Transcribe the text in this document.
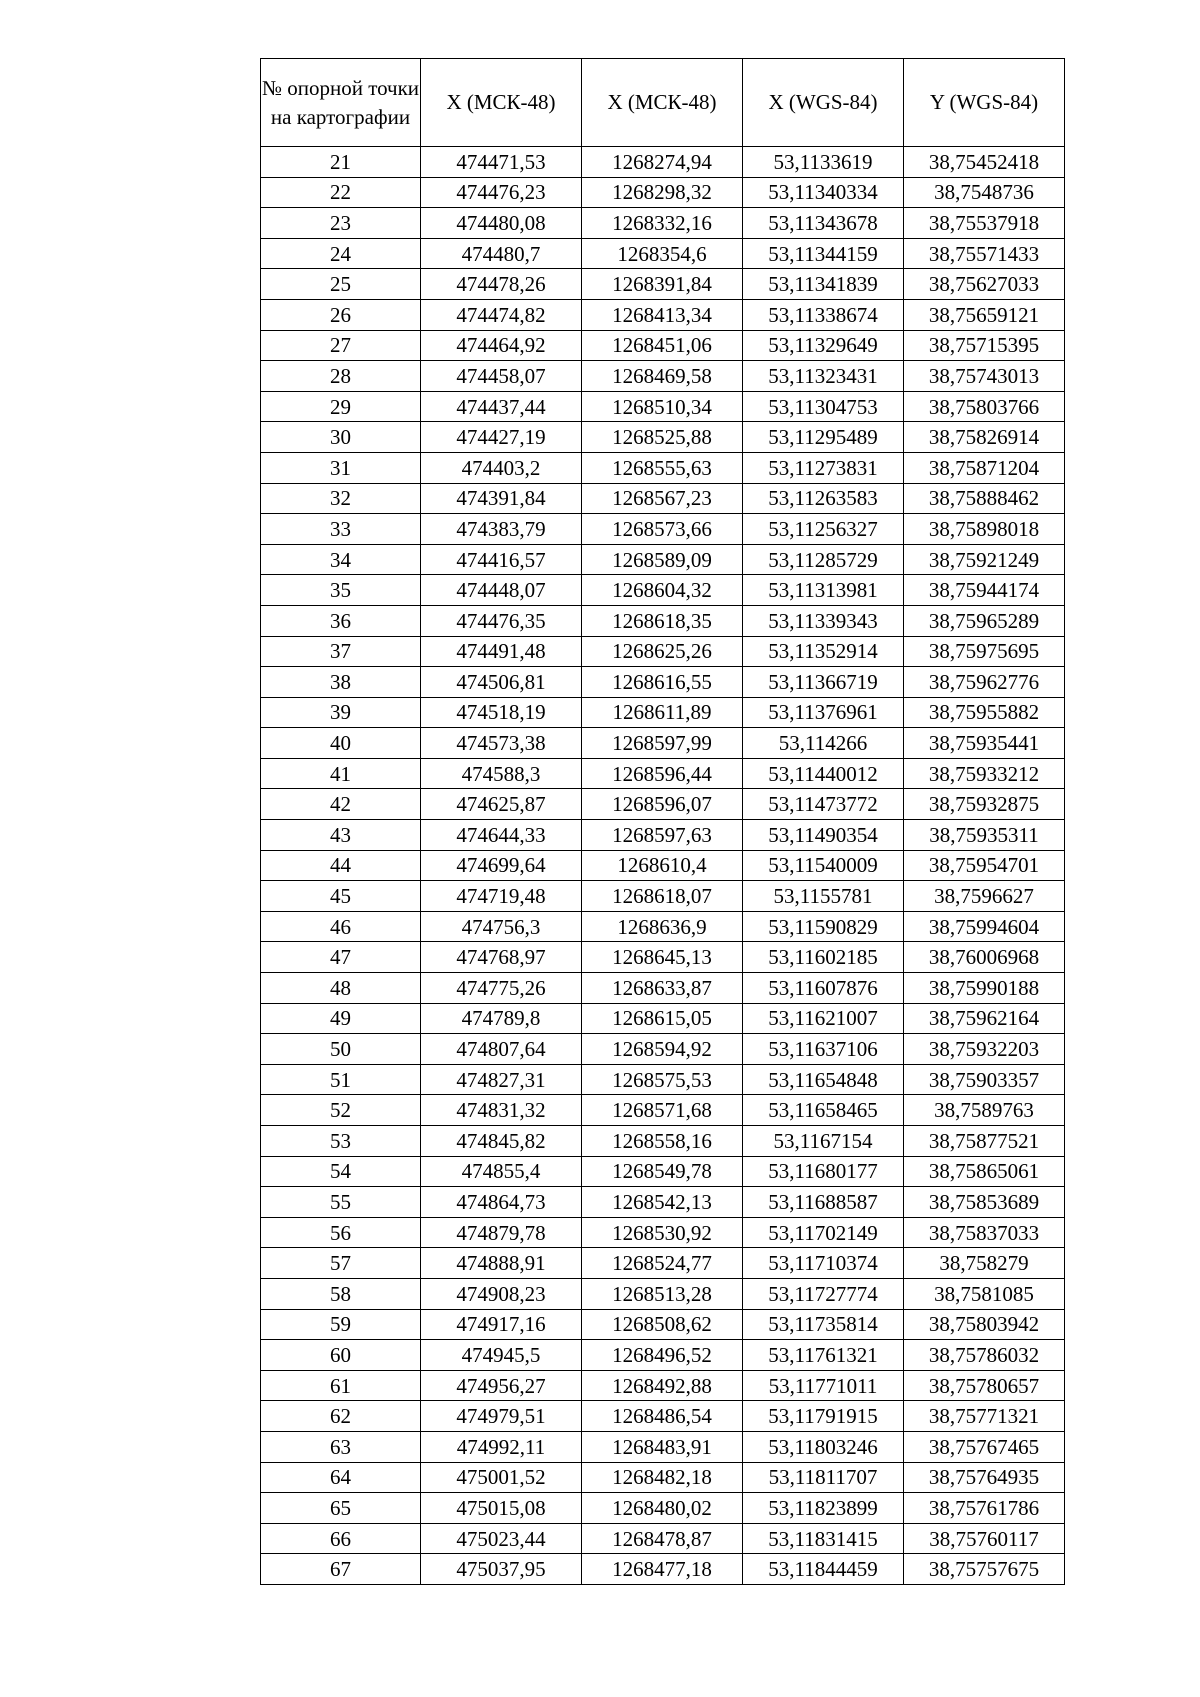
№ опорной точки на картографии	X (МСК-48)	X (МСК-48)	X (WGS-84)	Y (WGS-84)
21	474471,53	1268274,94	53,1133619	38,75452418
22	474476,23	1268298,32	53,11340334	38,7548736
23	474480,08	1268332,16	53,11343678	38,75537918
24	474480,7	1268354,6	53,11344159	38,75571433
25	474478,26	1268391,84	53,11341839	38,75627033
26	474474,82	1268413,34	53,11338674	38,75659121
27	474464,92	1268451,06	53,11329649	38,75715395
28	474458,07	1268469,58	53,11323431	38,75743013
29	474437,44	1268510,34	53,11304753	38,75803766
30	474427,19	1268525,88	53,11295489	38,75826914
31	474403,2	1268555,63	53,11273831	38,75871204
32	474391,84	1268567,23	53,11263583	38,75888462
33	474383,79	1268573,66	53,11256327	38,75898018
34	474416,57	1268589,09	53,11285729	38,75921249
35	474448,07	1268604,32	53,11313981	38,75944174
36	474476,35	1268618,35	53,11339343	38,75965289
37	474491,48	1268625,26	53,11352914	38,75975695
38	474506,81	1268616,55	53,11366719	38,75962776
39	474518,19	1268611,89	53,11376961	38,75955882
40	474573,38	1268597,99	53,114266	38,75935441
41	474588,3	1268596,44	53,11440012	38,75933212
42	474625,87	1268596,07	53,11473772	38,75932875
43	474644,33	1268597,63	53,11490354	38,75935311
44	474699,64	1268610,4	53,11540009	38,75954701
45	474719,48	1268618,07	53,1155781	38,7596627
46	474756,3	1268636,9	53,11590829	38,75994604
47	474768,97	1268645,13	53,11602185	38,76006968
48	474775,26	1268633,87	53,11607876	38,75990188
49	474789,8	1268615,05	53,11621007	38,75962164
50	474807,64	1268594,92	53,11637106	38,75932203
51	474827,31	1268575,53	53,11654848	38,75903357
52	474831,32	1268571,68	53,11658465	38,7589763
53	474845,82	1268558,16	53,1167154	38,75877521
54	474855,4	1268549,78	53,11680177	38,75865061
55	474864,73	1268542,13	53,11688587	38,75853689
56	474879,78	1268530,92	53,11702149	38,75837033
57	474888,91	1268524,77	53,11710374	38,758279
58	474908,23	1268513,28	53,11727774	38,7581085
59	474917,16	1268508,62	53,11735814	38,75803942
60	474945,5	1268496,52	53,11761321	38,75786032
61	474956,27	1268492,88	53,11771011	38,75780657
62	474979,51	1268486,54	53,11791915	38,75771321
63	474992,11	1268483,91	53,11803246	38,75767465
64	475001,52	1268482,18	53,11811707	38,75764935
65	475015,08	1268480,02	53,11823899	38,75761786
66	475023,44	1268478,87	53,11831415	38,75760117
67	475037,95	1268477,18	53,11844459	38,75757675
